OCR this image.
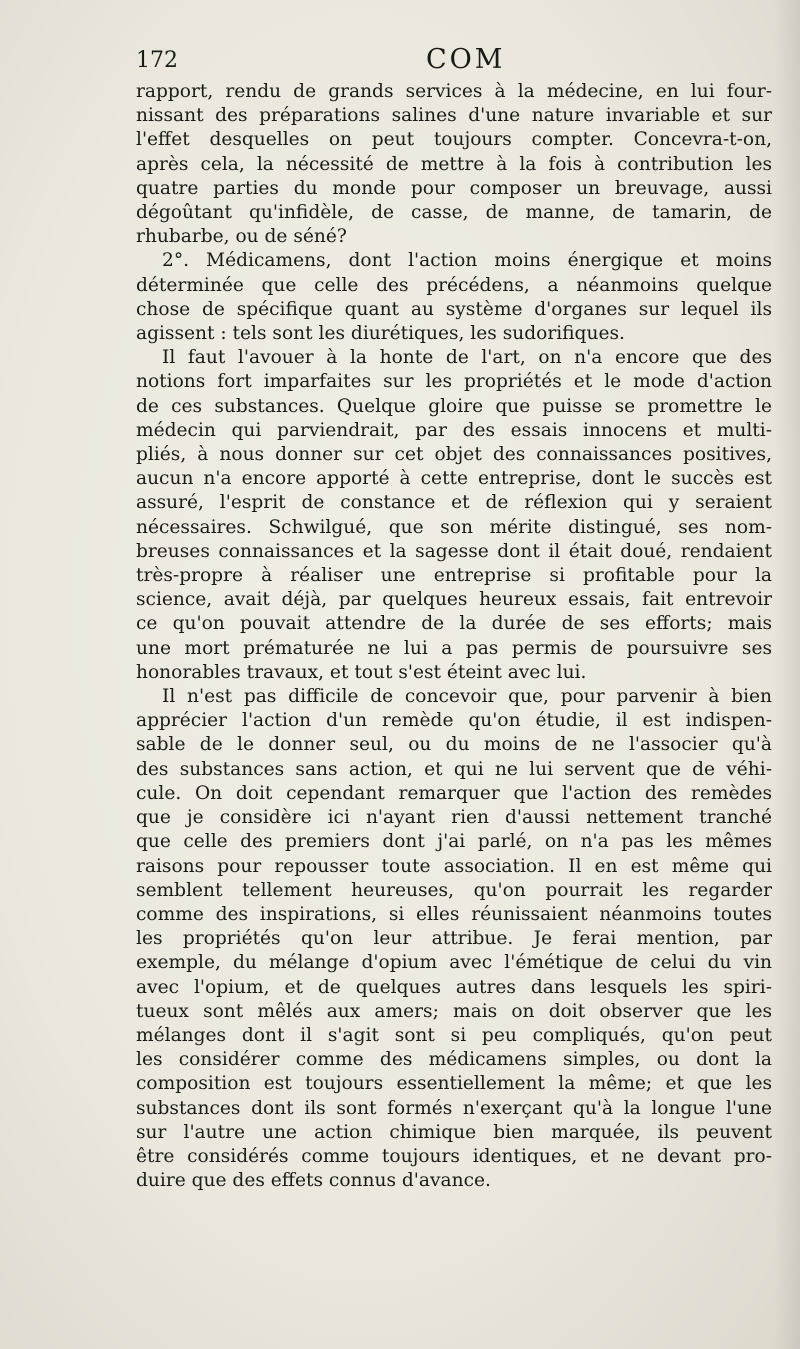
172	COM

rapport, rendu de grands services à la médecine, en lui four-
nissant des préparations salines d'une nature invariable et sur
l'effet desquelles on peut toujours compter. Concevra-t-on,
après cela, la nécessité de mettre à la fois à contribution les
quatre parties du monde pour composer un breuvage, aussi
dégoûtant qu'infidèle, de casse, de manne, de tamarin, de
rhubarbe, ou de séné?

2°. Médicamens, dont l'action moins énergique et moins
déterminée que celle des précédens, a néanmoins quelque
chose de spécifique quant au système d'organes sur lequel ils
agissent : tels sont les diurétiques, les sudorifiques.

Il faut l'avouer à la honte de l'art, on n'a encore que des
notions fort imparfaites sur les propriétés et le mode d'action
de ces substances. Quelque gloire que puisse se promettre le
médecin qui parviendrait, par des essais innocens et multi-
pliés, à nous donner sur cet objet des connaissances positives,
aucun n'a encore apporté à cette entreprise, dont le succès est
assuré, l'esprit de constance et de réflexion qui y seraient
nécessaires. Schwilgué, que son mérite distingué, ses nom-
breuses connaissances et la sagesse dont il était doué, rendaient
très-propre à réaliser une entreprise si profitable pour la
science, avait déjà, par quelques heureux essais, fait entrevoir
ce qu'on pouvait attendre de la durée de ses efforts; mais
une mort prématurée ne lui a pas permis de poursuivre ses
honorables travaux, et tout s'est éteint avec lui.

Il n'est pas difficile de concevoir que, pour parvenir à bien
apprécier l'action d'un remède qu'on étudie, il est indispen-
sable de le donner seul, ou du moins de ne l'associer qu'à
des substances sans action, et qui ne lui servent que de véhi-
cule. On doit cependant remarquer que l'action des remèdes
que je considère ici n'ayant rien d'aussi nettement tranché
que celle des premiers dont j'ai parlé, on n'a pas les mêmes
raisons pour repousser toute association. Il en est même qui
semblent tellement heureuses, qu'on pourrait les regarder
comme des inspirations, si elles réunissaient néanmoins toutes
les propriétés qu'on leur attribue. Je ferai mention, par
exemple, du mélange d'opium avec l'émétique de celui du vin
avec l'opium, et de quelques autres dans lesquels les spiri-
tueux sont mêlés aux amers; mais on doit observer que les
mélanges dont il s'agit sont si peu compliqués, qu'on peut
les considérer comme des médicamens simples, ou dont la
composition est toujours essentiellement la même; et que les
substances dont ils sont formés n'exerçant qu'à la longue l'une
sur l'autre une action chimique bien marquée, ils peuvent
être considérés comme toujours identiques, et ne devant pro-
duire que des effets connus d'avance.
